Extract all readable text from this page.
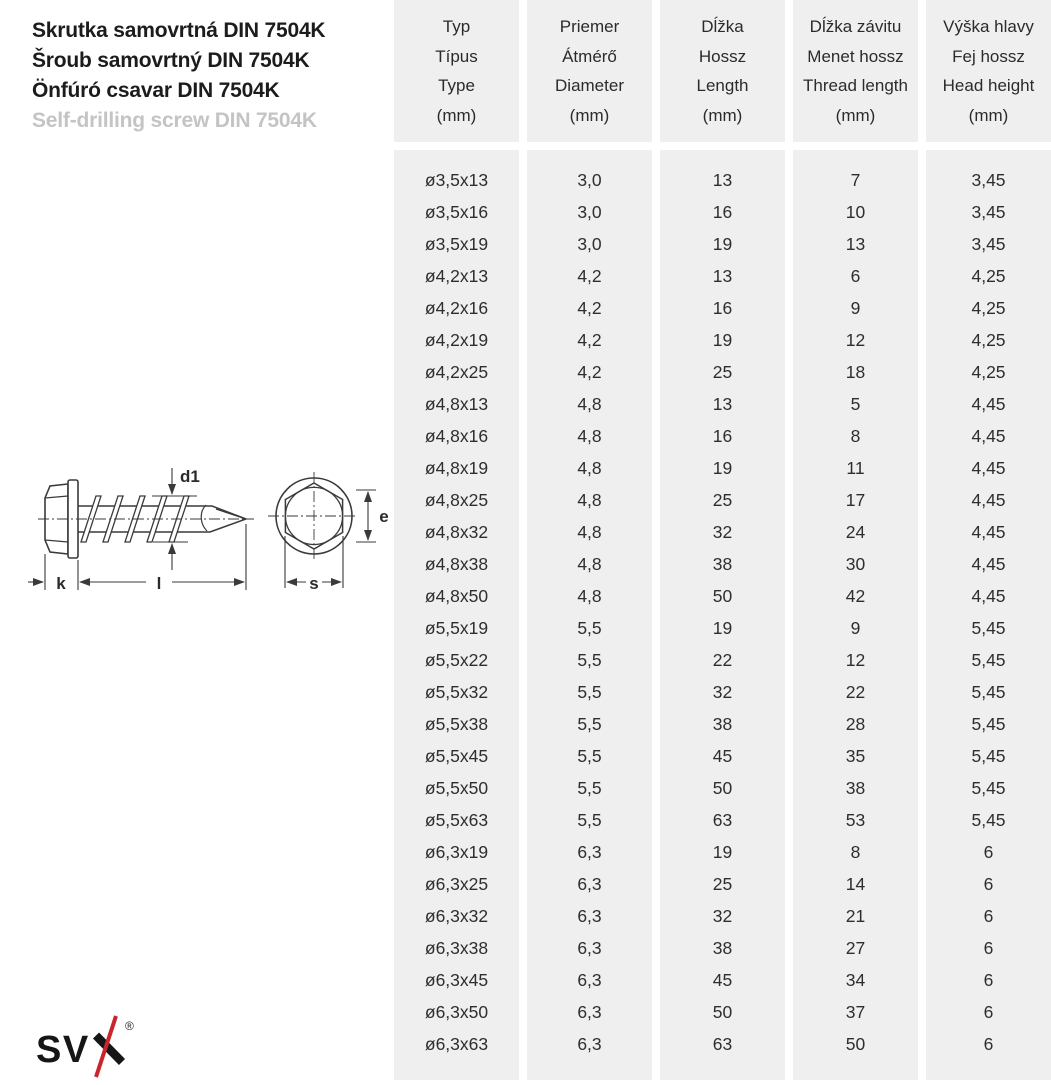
Skrutka samovrtná DIN 7504K
Šroub samovrtný DIN 7504K
Önfúró csavar DIN 7504K
Self-drilling screw DIN 7504K
d1
k	l
e
s
SV
®
Typ
Típus
Type
(mm)
Priemer
Átmérő
Diameter
(mm)
Dĺžka
Hossz
Length
(mm)
Dĺžka závitu
Menet hossz
Thread length
(mm)
Výška hlavy
Fej hossz
Head height
(mm)
ø3,5x13
ø3,5x16
ø3,5x19
ø4,2x13
ø4,2x16
ø4,2x19
ø4,2x25
ø4,8x13
ø4,8x16
ø4,8x19
ø4,8x25
ø4,8x32
ø4,8x38
ø4,8x50
ø5,5x19
ø5,5x22
ø5,5x32
ø5,5x38
ø5,5x45
ø5,5x50
ø5,5x63
ø6,3x19
ø6,3x25
ø6,3x32
ø6,3x38
ø6,3x45
ø6,3x50
ø6,3x63
3,0
3,0
3,0
4,2
4,2
4,2
4,2
4,8
4,8
4,8
4,8
4,8
4,8
4,8
5,5
5,5
5,5
5,5
5,5
5,5
5,5
6,3
6,3
6,3
6,3
6,3
6,3
6,3
13
16
19
13
16
19
25
13
16
19
25
32
38
50
19
22
32
38
45
50
63
19
25
32
38
45
50
63
7
10
13
6
9
12
18
5
8
11
17
24
30
42
9
12
22
28
35
38
53
8
14
21
27
34
37
50
3,45
3,45
3,45
4,25
4,25
4,25
4,25
4,45
4,45
4,45
4,45
4,45
4,45
4,45
5,45
5,45
5,45
5,45
5,45
5,45
5,45
6
6
6
6
6
6
6
